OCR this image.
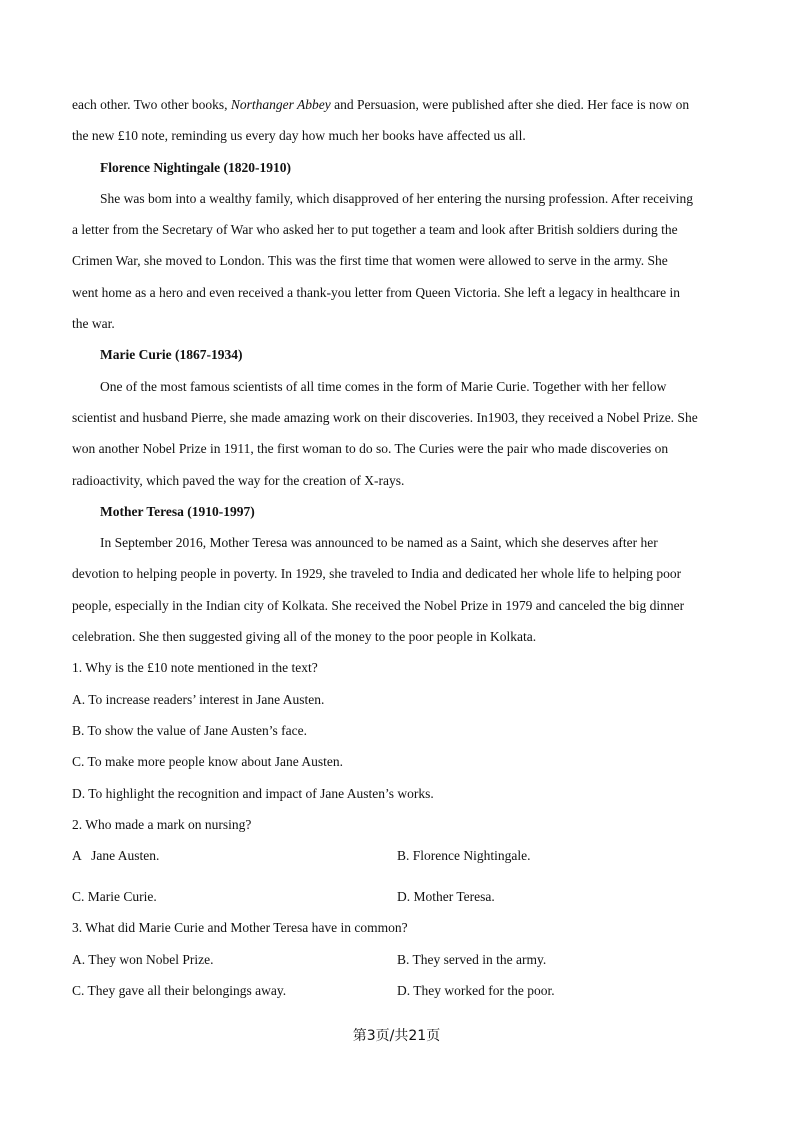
each other. Two other books, Northanger Abbey and Persuasion, were published after she died. Her face is now on
the new £10 note, reminding us every day how much her books have affected us all.
Florence Nightingale (1820-1910)
She was bom into a wealthy family, which disapproved of her entering the nursing profession. After receiving
a letter from the Secretary of War who asked her to put together a team and look after British soldiers during the
Crimen War, she moved to London. This was the first time that women were allowed to serve in the army. She
went home as a hero and even received a thank-you letter from Queen Victoria. She left a legacy in healthcare in
the war.
Marie Curie (1867-1934)
One of the most famous scientists of all time comes in the form of Marie Curie. Together with her fellow
scientist and husband Pierre, she made amazing work on their discoveries. In1903, they received a Nobel Prize. She
won another Nobel Prize in 1911, the first woman to do so. The Curies were the pair who made discoveries on
radioactivity, which paved the way for the creation of X-rays.
Mother Teresa (1910-1997)
In September 2016, Mother Teresa was announced to be named as a Saint, which she deserves after her
devotion to helping people in poverty. In 1929, she traveled to India and dedicated her whole life to helping poor
people, especially in the Indian city of Kolkata. She received the Nobel Prize in 1979 and canceled the big dinner
celebration. She then suggested giving all of the money to the poor people in Kolkata.
1. Why is the £10 note mentioned in the text?
A. To increase readers’ interest in Jane Austen.
B. To show the value of Jane Austen’s face.
C. To make more people know about Jane Austen.
D. To highlight the recognition and impact of Jane Austen’s works.
2. Who made a mark on nursing?
A   Jane Austen.	B. Florence Nightingale.
C. Marie Curie.	D. Mother Teresa.
3. What did Marie Curie and Mother Teresa have in common?
A. They won Nobel Prize.	B. They served in the army.
C. They gave all their belongings away.	D. They worked for the poor.
第3页/共21页
